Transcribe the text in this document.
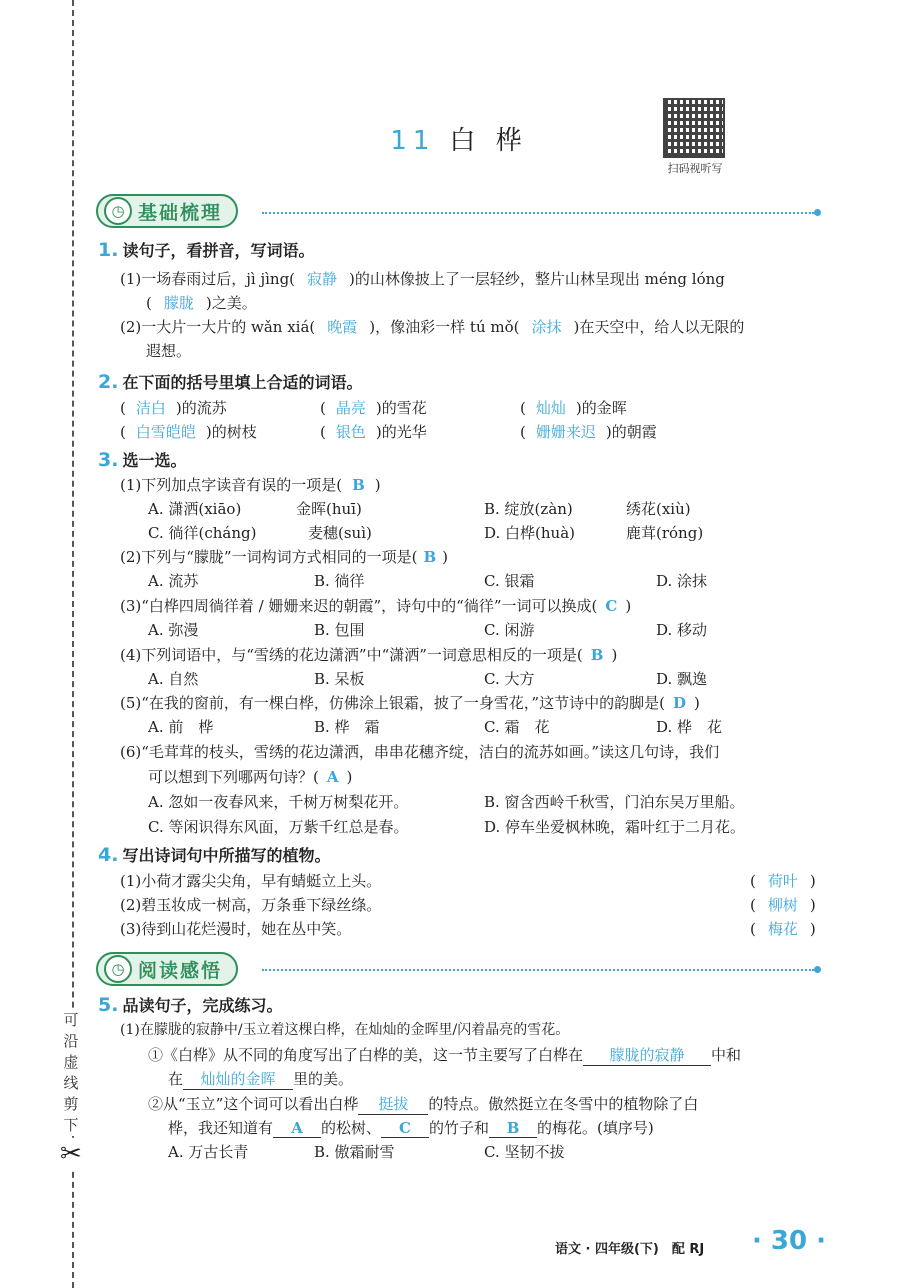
可沿虚线剪下
✂
11 白 桦
扫码视听写
◷ 基础梳理
1. 读句子，看拼音，写词语。
(1)一场春雨过后，jì jìng( 寂静 )的山林像披上了一层轻纱，整片山林呈现出 méng lóng
( 朦胧 )之美。
(2)一大片一大片的 wǎn xiá( 晚霞 )，像油彩一样 tú mǒ( 涂抹 )在天空中，给人以无限的
遐想。
2. 在下面的括号里填上合适的词语。
( 洁白 )的流苏	( 晶亮 )的雪花	( 灿灿 )的金晖
( 白雪皑皑 )的树枝	( 银色 )的光华	( 姗姗来迟 )的朝霞
3. 选一选。
(1)下列加点字读音有误的一项是( B )
A. 潇洒(xiāo)	金晖(huī)	B. 绽放(zàn)	绣花(xiù)
C. 徜徉(cháng)	麦穗(suì)	D. 白桦(huà)	鹿茸(róng)
(2)下列与“朦胧”一词构词方式相同的一项是( B )
A. 流苏	B. 徜徉	C. 银霜	D. 涂抹
(3)“白桦四周徜徉着 / 姗姗来迟的朝霞”，诗句中的“徜徉”一词可以换成( C )
A. 弥漫	B. 包围	C. 闲游	D. 移动
(4)下列词语中，与“雪绣的花边潇洒”中“潇洒”一词意思相反的一项是( B )
A. 自然	B. 呆板	C. 大方	D. 飘逸
(5)“在我的窗前，有一棵白桦，仿佛涂上银霜，披了一身雪花，”这节诗中的韵脚是( D )
A. 前　桦	B. 桦　霜	C. 霜　花	D. 桦　花
(6)“毛茸茸的枝头，雪绣的花边潇洒，串串花穗齐绽，洁白的流苏如画。”读这几句诗，我们
可以想到下列哪两句诗？( A )
A. 忽如一夜春风来，千树万树梨花开。	B. 窗含西岭千秋雪，门泊东吴万里船。
C. 等闲识得东风面，万紫千红总是春。	D. 停车坐爱枫林晚，霜叶红于二月花。
4. 写出诗词句中所描写的植物。
(1)小荷才露尖尖角，早有蜻蜓立上头。	( 荷叶 )
(2)碧玉妆成一树高，万条垂下绿丝绦。	( 柳树 )
(3)待到山花烂漫时，她在丛中笑。	( 梅花 )
◷ 阅读感悟
5. 品读句子，完成练习。
(1)在朦胧的寂静中/玉立着这棵白桦，在灿灿的金晖里/闪着晶亮的雪花。
①《白桦》从不同的角度写出了白桦的美，这一节主要写了白桦在 朦胧的寂静 中和
在 灿灿的金晖 里的美。
②从“玉立”这个词可以看出白桦 挺拔 的特点。傲然挺立在冬雪中的植物除了白
桦，我还知道有 A 的松树、 C 的竹子和 B 的梅花。(填序号)
A. 万古长青	B. 傲霜耐雪	C. 坚韧不拔
语文 · 四年级(下)　配 RJ · 30 ·
